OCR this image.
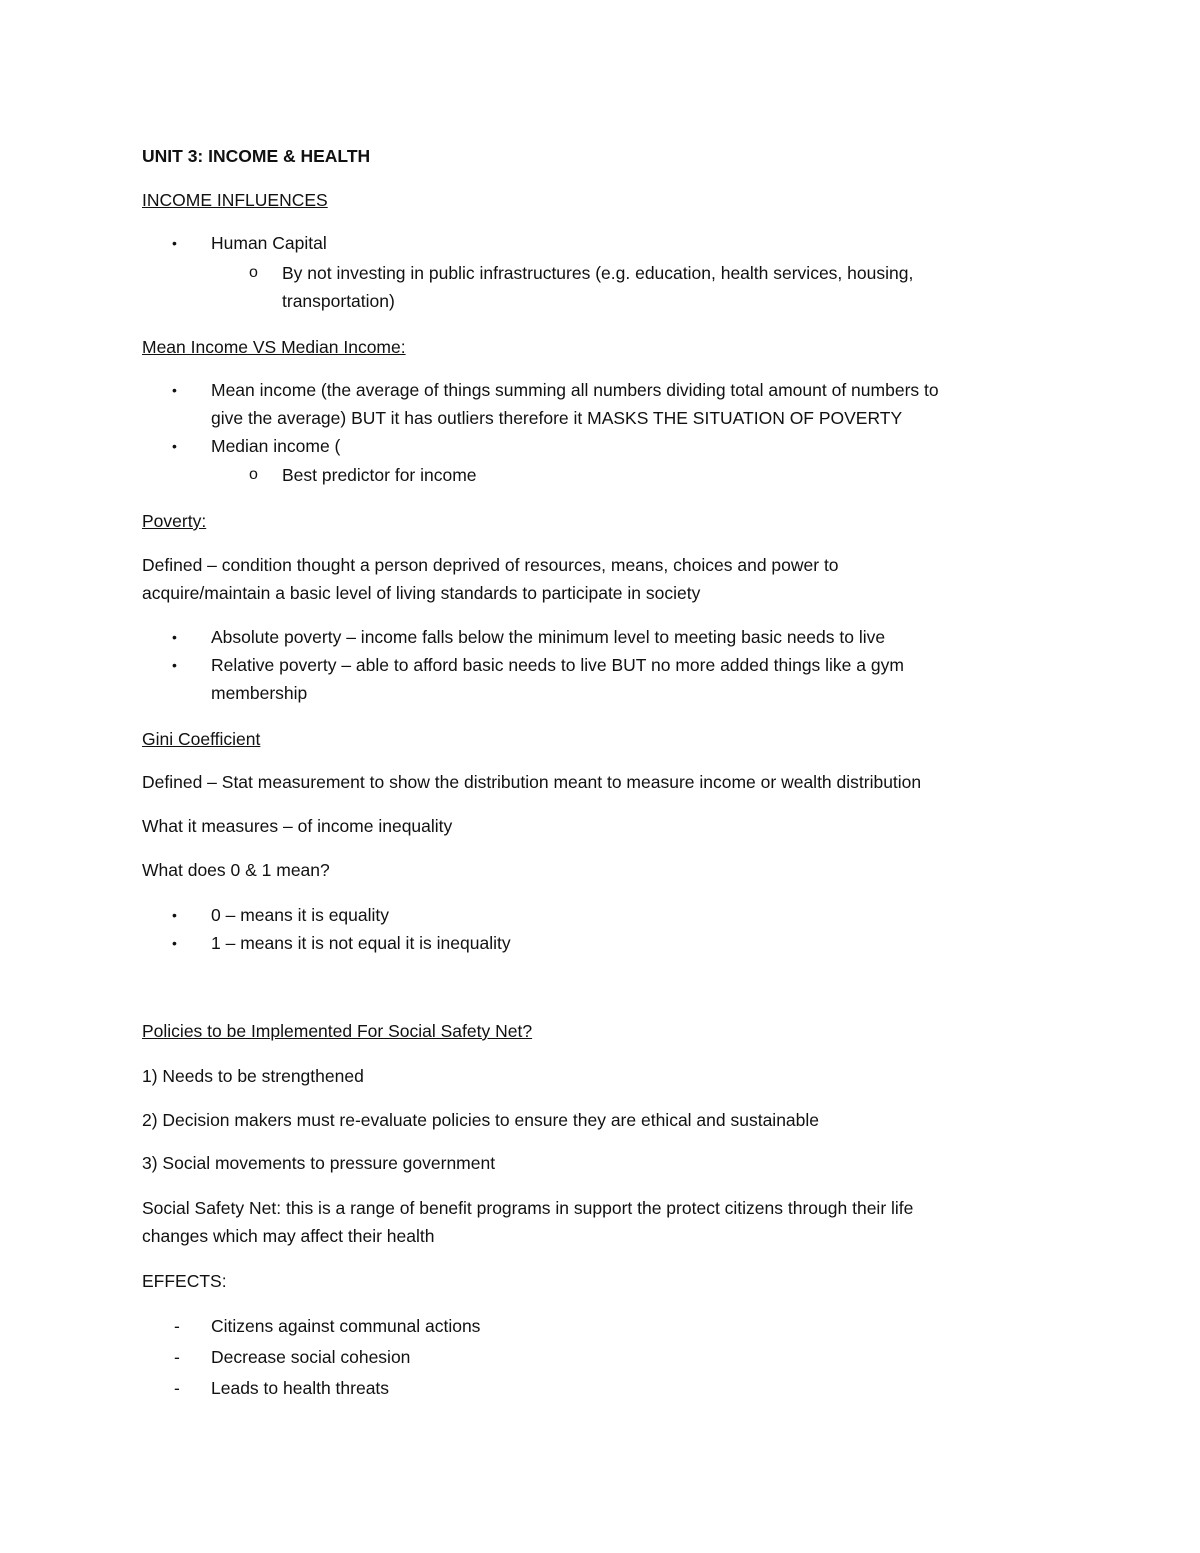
UNIT 3: INCOME & HEALTH
INCOME INFLUENCES
• Human Capital
o By not investing in public infrastructures (e.g. education, health services, housing,
transportation)
Mean Income VS Median Income:
• Mean income (the average of things summing all numbers dividing total amount of numbers to
give the average) BUT it has outliers therefore it MASKS THE SITUATION OF POVERTY
• Median income (
o Best predictor for income
Poverty:
Defined – condition thought a person deprived of resources, means, choices and power to
acquire/maintain a basic level of living standards to participate in society
• Absolute poverty – income falls below the minimum level to meeting basic needs to live
• Relative poverty – able to afford basic needs to live BUT no more added things like a gym
membership
Gini Coefficient
Defined – Stat measurement to show the distribution meant to measure income or wealth distribution
What it measures – of income inequality
What does 0 & 1 mean?
• 0 – means it is equality
• 1 – means it is not equal it is inequality
Policies to be Implemented For Social Safety Net?
1) Needs to be strengthened
2) Decision makers must re-evaluate policies to ensure they are ethical and sustainable
3) Social movements to pressure government
Social Safety Net: this is a range of benefit programs in support the protect citizens through their life
changes which may affect their health
EFFECTS:
- Citizens against communal actions
- Decrease social cohesion
- Leads to health threats
